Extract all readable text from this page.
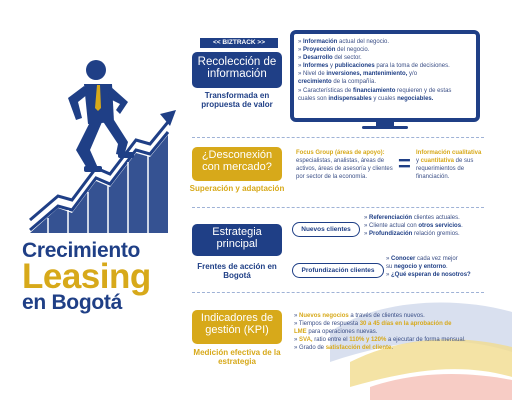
Crecimiento
Leasing
en Bogotá
<< BIZTRACK >>
Recolección de información
Transformada en propuesta de valor
» Información actual del negocio.
» Proyección del negocio.
» Desarrollo del sector.
» Informes y publicaciones para la toma de decisiones.
» Nivel de inversiones, mantenimiento, y/o
crecimiento de la compañía.
» Características de financiamiento requieren y de estas
cuales son indispensables y cuales negociables.
¿Desconexión con mercado?
Superación y adaptación
Focus Group (áreas de apoyo): especialistas, analistas, áreas de activos, áreas de asesoría y clientes por sector de la economía.
= Información cualitativa y cuantitativa de sus requerimientos de financiación.
Estrategia principal
Frentes de acción en Bogotá
Nuevos clientes
» Referenciación clientes actuales.
» Cliente actual con otros servicios.
» Profundización relación gremios.
Profundización clientes
» Conocer cada vez mejor
su negocio y entorno.
» ¿Qué esperan de nosotros?
Indicadores de gestión (KPI)
Medición efectiva de la estrategia
» Nuevos negocios a través de clientes nuevos.
» Tiempos de respuesta 30 a 45 días en la aprobación de
LME para operaciones nuevas.
» SVA, ratio entre el 110% y 120% a ejecutar de forma mensual.
» Grado de satisfacción del cliente.
